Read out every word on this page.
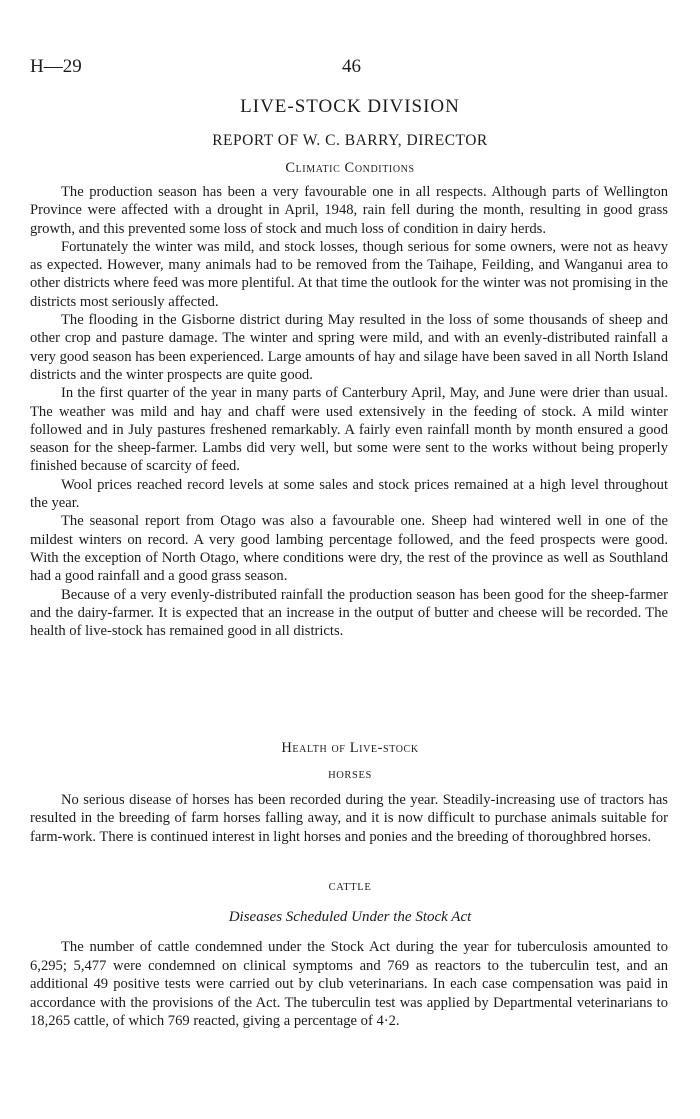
H—29	46
LIVE-STOCK DIVISION
REPORT OF W. C. BARRY, DIRECTOR
Climatic Conditions

The production season has been a very favourable one in all respects. Although parts of Wellington Province were affected with a drought in April, 1948, rain fell during the month, resulting in good grass growth, and this prevented some loss of stock and much loss of condition in dairy herds.

Fortunately the winter was mild, and stock losses, though serious for some owners, were not as heavy as expected. However, many animals had to be removed from the Taihape, Feilding, and Wanganui area to other districts where feed was more plentiful. At that time the outlook for the winter was not promising in the districts most seriously affected.

The flooding in the Gisborne district during May resulted in the loss of some thousands of sheep and other crop and pasture damage. The winter and spring were mild, and with an evenly-distributed rainfall a very good season has been experienced. Large amounts of hay and silage have been saved in all North Island districts and the winter prospects are quite good.

In the first quarter of the year in many parts of Canterbury April, May, and June were drier than usual. The weather was mild and hay and chaff were used extensively in the feeding of stock. A mild winter followed and in July pastures freshened remarkably. A fairly even rainfall month by month ensured a good season for the sheep-farmer. Lambs did very well, but some were sent to the works without being properly finished because of scarcity of feed.

Wool prices reached record levels at some sales and stock prices remained at a high level throughout the year.

The seasonal report from Otago was also a favourable one. Sheep had wintered well in one of the mildest winters on record. A very good lambing percentage followed, and the feed prospects were good. With the exception of North Otago, where conditions were dry, the rest of the province as well as Southland had a good rainfall and a good grass season.

Because of a very evenly-distributed rainfall the production season has been good for the sheep-farmer and the dairy-farmer. It is expected that an increase in the output of butter and cheese will be recorded. The health of live-stock has remained good in all districts.

Health of Live-stock
HORSES

No serious disease of horses has been recorded during the year. Steadily-increasing use of tractors has resulted in the breeding of farm horses falling away, and it is now difficult to purchase animals suitable for farm-work. There is continued interest in light horses and ponies and the breeding of thoroughbred horses.

CATTLE
Diseases Scheduled Under the Stock Act

The number of cattle condemned under the Stock Act during the year for tuberculosis amounted to 6,295; 5,477 were condemned on clinical symptoms and 769 as reactors to the tuberculin test, and an additional 49 positive tests were carried out by club veterinarians. In each case compensation was paid in accordance with the provisions of the Act. The tuberculin test was applied by Departmental veterinarians to 18,265 cattle, of which 769 reacted, giving a percentage of 4·2.
